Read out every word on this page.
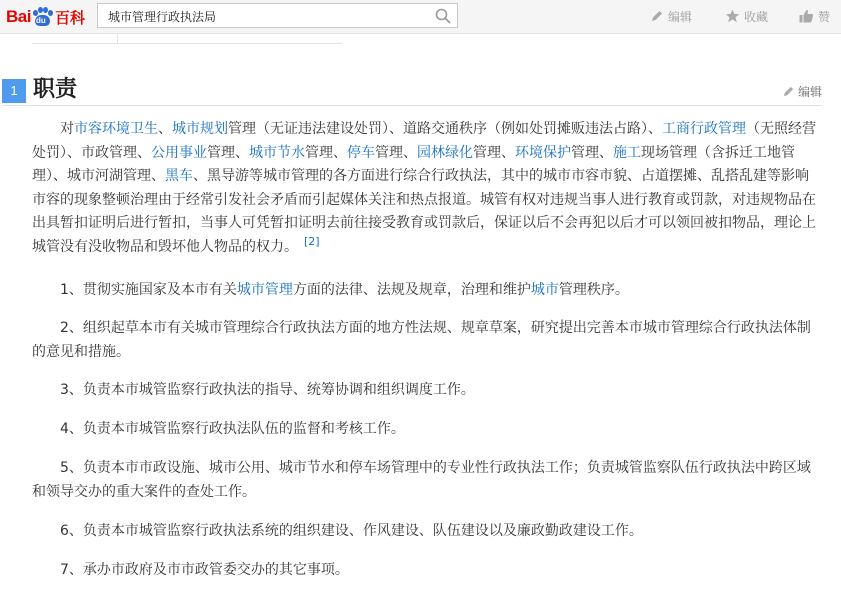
Bai du 百科 城市管理行政执法局	编辑	收藏	赞
1 职责	编辑
对市容环境卫生、城市规划管理（无证违法建设处罚）、道路交通秩序（例如处罚摊贩违法占路）、工商行政管理（无照经营处罚）、市政管理、公用事业管理、城市节水管理、停车管理、园林绿化管理、环境保护管理、施工现场管理（含拆迁工地管理）、城市河湖管理、黑车、黑导游等城市管理的各方面进行综合行政执法，其中的城市市容市貌、占道摆摊、乱搭乱建等影响市容的现象整顿治理由于经常引发社会矛盾而引起媒体关注和热点报道。城管有权对违规当事人进行教育或罚款，对违规物品在出具暂扣证明后进行暂扣，当事人可凭暂扣证明去前往接受教育或罚款后，保证以后不会再犯以后才可以领回被扣物品，理论上城管没有没收物品和毁坏他人物品的权力。 [2]
1、贯彻实施国家及本市有关城市管理方面的法律、法规及规章，治理和维护城市管理秩序。
2、组织起草本市有关城市管理综合行政执法方面的地方性法规、规章草案，研究提出完善本市城市管理综合行政执法体制的意见和措施。
3、负责本市城管监察行政执法的指导、统筹协调和组织调度工作。
4、负责本市城管监察行政执法队伍的监督和考核工作。
5、负责本市市政设施、城市公用、城市节水和停车场管理中的专业性行政执法工作；负责城管监察队伍行政执法中跨区域和领导交办的重大案件的查处工作。
6、负责本市城管监察行政执法系统的组织建设、作风建设、队伍建设以及廉政勤政建设工作。
7、承办市政府及市市政管委交办的其它事项。
